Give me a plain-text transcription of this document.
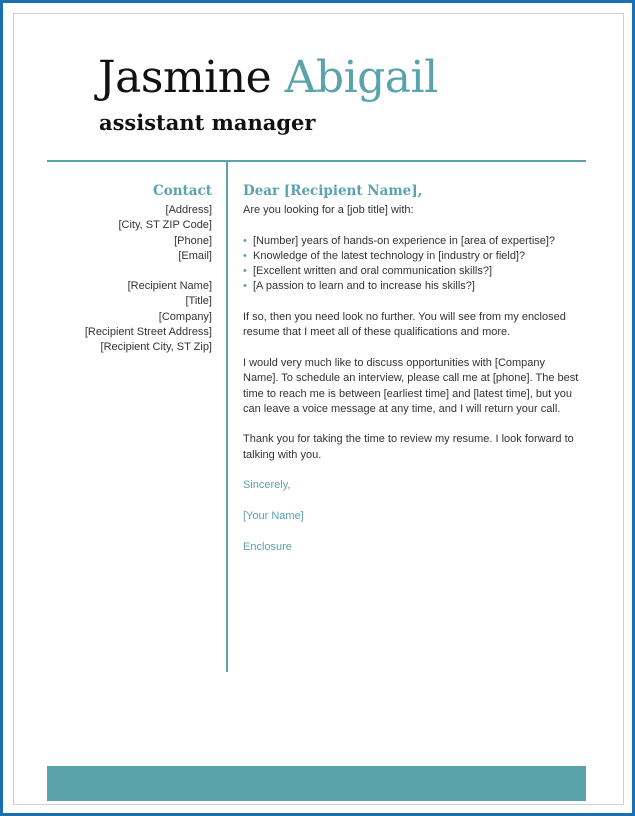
Jasmine Abigail
assistant manager
Contact
[Address]
[City, ST ZIP Code]
[Phone]
[Email]
[Recipient Name]
[Title]
[Company]
[Recipient Street Address]
[Recipient City, ST Zip]
Dear [Recipient Name],

Are you looking for a [job title] with:

• [Number] years of hands-on experience in [area of expertise]?
• Knowledge of the latest technology in [industry or field]?
• [Excellent written and oral communication skills?]
• [A passion to learn and to increase his skills?]

If so, then you need look no further. You will see from my enclosed resume that I meet all of these qualifications and more.

I would very much like to discuss opportunities with [Company Name]. To schedule an interview, please call me at [phone]. The best time to reach me is between [earliest time] and [latest time], but you can leave a voice message at any time, and I will return your call.

Thank you for taking the time to review my resume. I look forward to talking with you.

Sincerely,
[Your Name]
Enclosure
